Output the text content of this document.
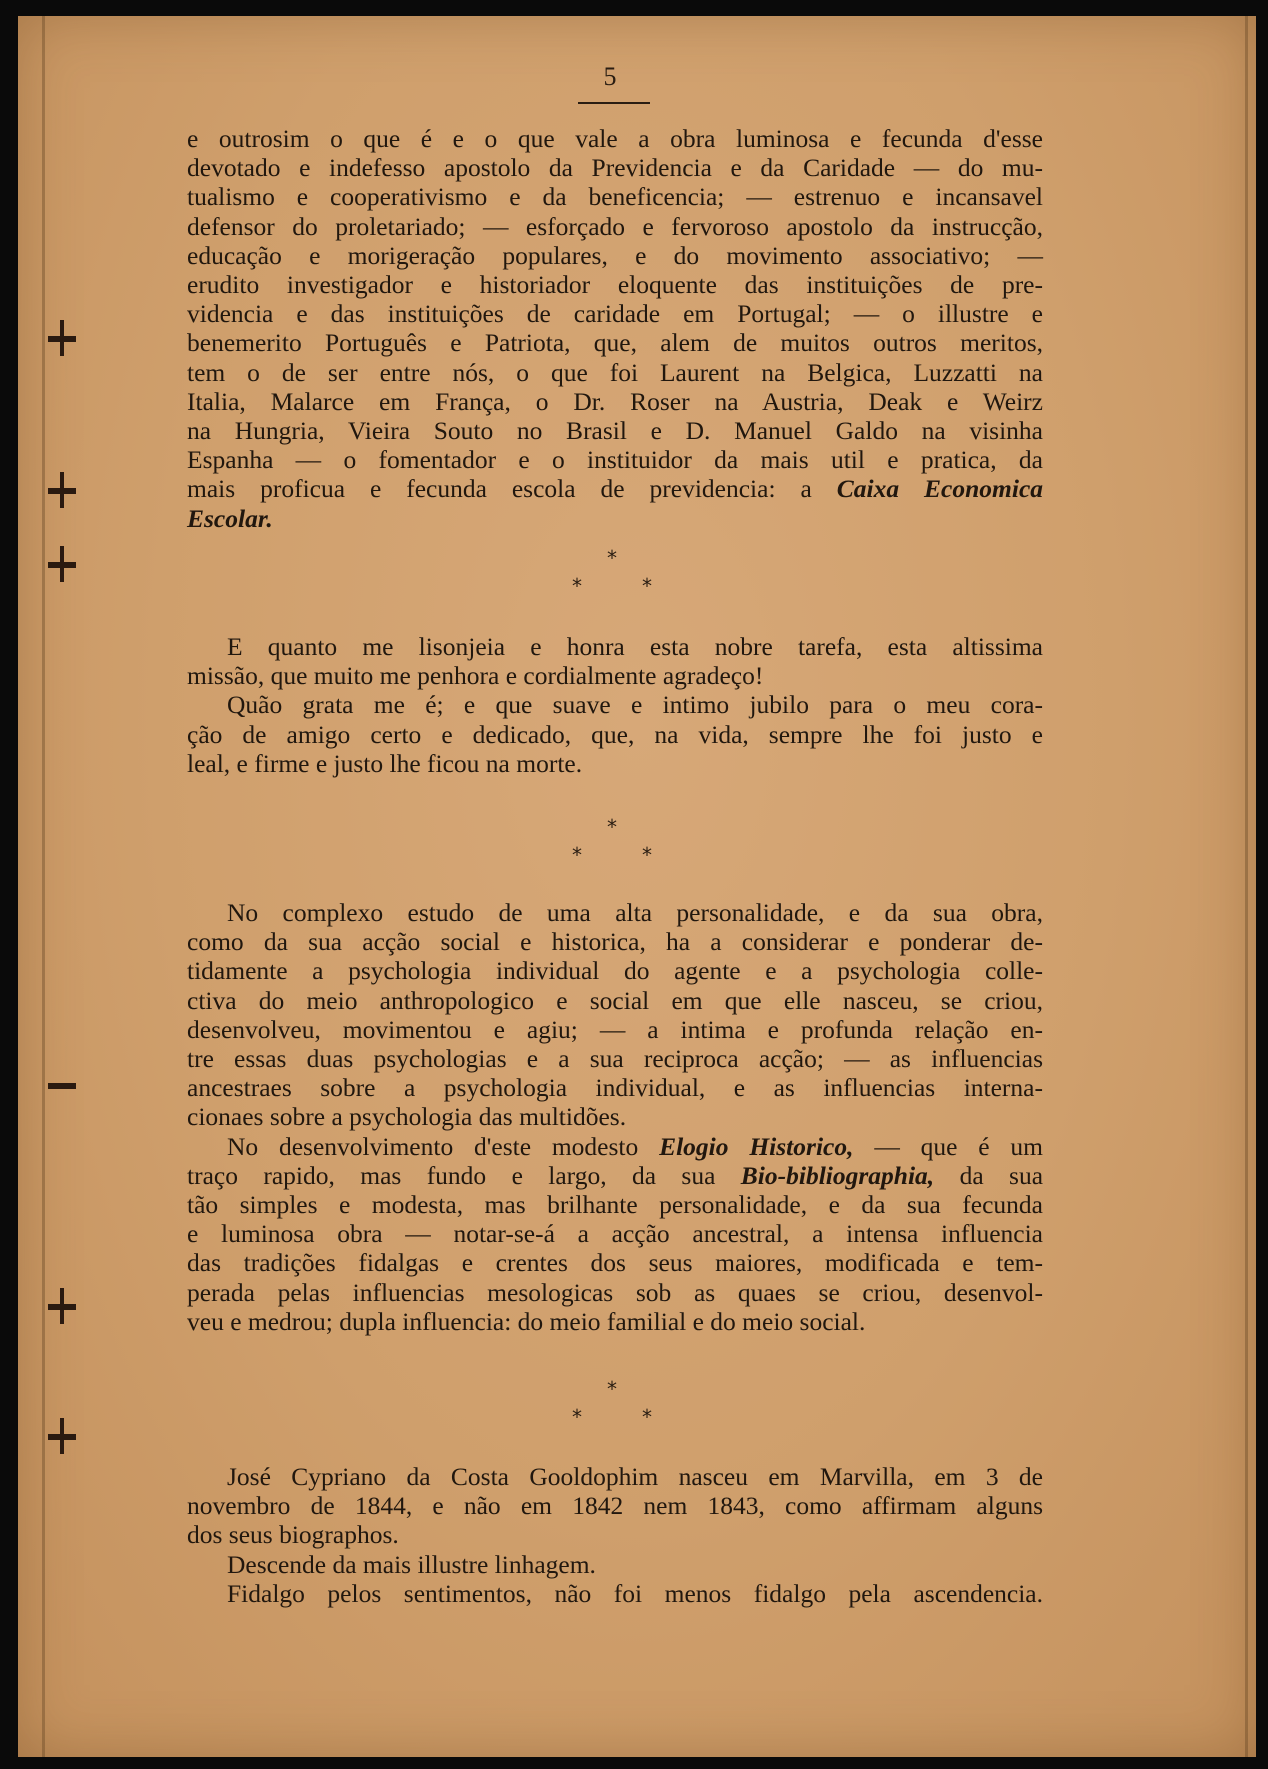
5
e outrosim o que é e o que vale a obra luminosa e fecunda d'esse
devotado e indefesso apostolo da Previdencia e da Caridade — do mu-
tualismo e cooperativismo e da beneficencia; — estrenuo e incansavel
defensor do proletariado; — esforçado e fervoroso apostolo da instrucção,
educação e morigeração populares, e do movimento associativo; —
erudito investigador e historiador eloquente das instituições de pre-
videncia e das instituições de caridade em Portugal; — o illustre e
benemerito Português e Patriota, que, alem de muitos outros meritos,
tem o de ser entre nós, o que foi Laurent na Belgica, Luzzatti na
Italia, Malarce em França, o Dr. Roser na Austria, Deak e Weirz
na Hungria, Vieira Souto no Brasil e D. Manuel Galdo na visinha
Espanha — o fomentador e o instituidor da mais util e pratica, da
mais proficua e fecunda escola de previdencia: a Caixa Economica
Escolar.
*
*	*
E quanto me lisonjeia e honra esta nobre tarefa, esta altissima
missão, que muito me penhora e cordialmente agradeço!
Quão grata me é; e que suave e intimo jubilo para o meu cora-
ção de amigo certo e dedicado, que, na vida, sempre lhe foi justo e
leal, e firme e justo lhe ficou na morte.
*
*	*
No complexo estudo de uma alta personalidade, e da sua obra,
como da sua acção social e historica, ha a considerar e ponderar de-
tidamente a psychologia individual do agente e a psychologia colle-
ctiva do meio anthropologico e social em que elle nasceu, se criou,
desenvolveu, movimentou e agiu; — a intima e profunda relação en-
tre essas duas psychologias e a sua reciproca acção; — as influencias
ancestraes sobre a psychologia individual, e as influencias interna-
cionaes sobre a psychologia das multidões.
No desenvolvimento d'este modesto Elogio Historico, — que é um
traço rapido, mas fundo e largo, da sua Bio-bibliographia, da sua
tão simples e modesta, mas brilhante personalidade, e da sua fecunda
e luminosa obra — notar-se-á a acção ancestral, a intensa influencia
das tradições fidalgas e crentes dos seus maiores, modificada e tem-
perada pelas influencias mesologicas sob as quaes se criou, desenvol-
veu e medrou; dupla influencia: do meio familial e do meio social.
*
*	*
José Cypriano da Costa Gooldophim nasceu em Marvilla, em 3 de
novembro de 1844, e não em 1842 nem 1843, como affirmam alguns
dos seus biographos.
Descende da mais illustre linhagem.
Fidalgo pelos sentimentos, não foi menos fidalgo pela ascendencia.
